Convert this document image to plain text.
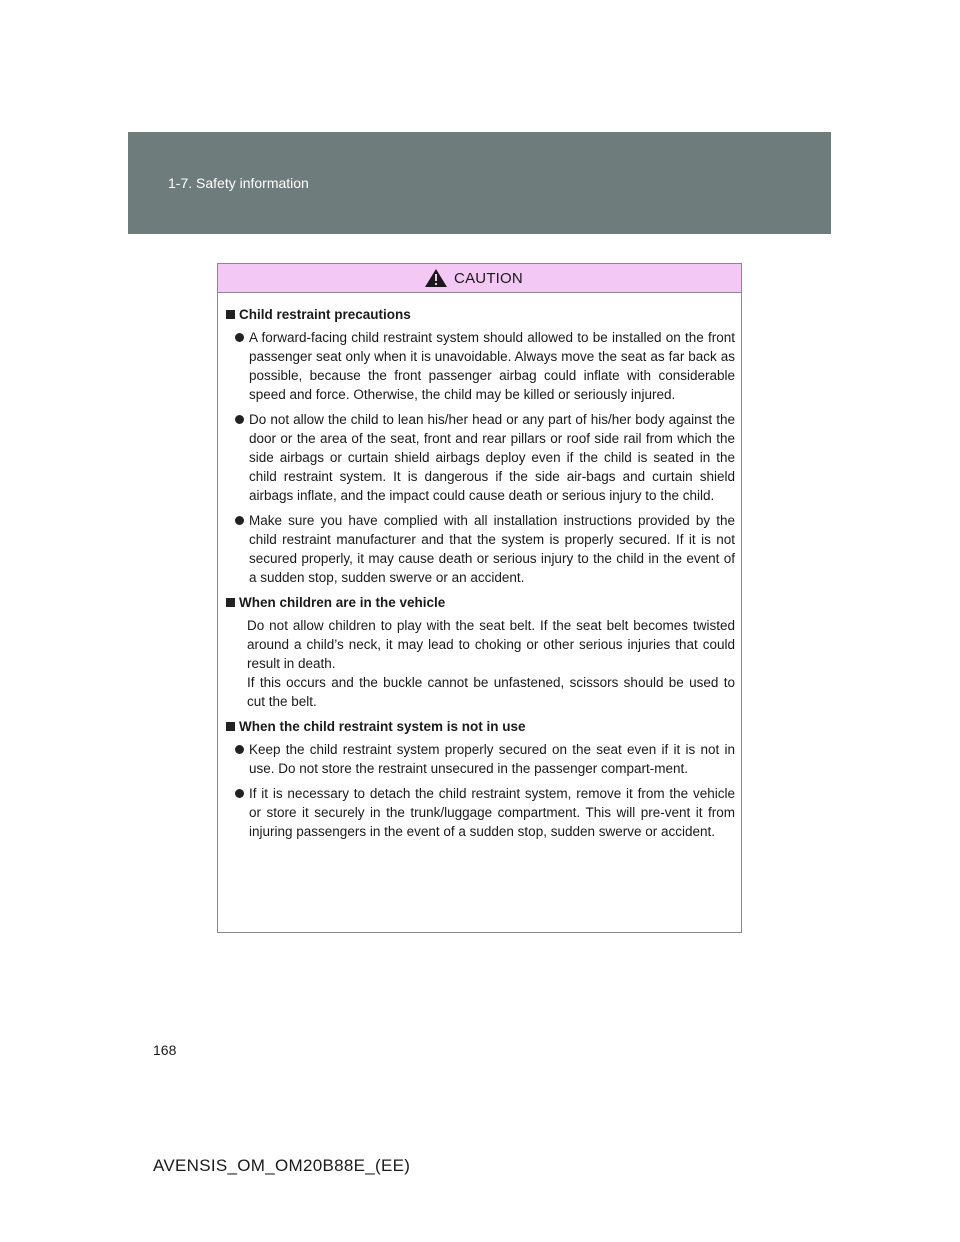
1-7. Safety information
CAUTION
Child restraint precautions
A forward-facing child restraint system should allowed to be installed on the front passenger seat only when it is unavoidable. Always move the seat as far back as possible, because the front passenger airbag could inflate with considerable speed and force. Otherwise, the child may be killed or seriously injured.
Do not allow the child to lean his/her head or any part of his/her body against the door or the area of the seat, front and rear pillars or roof side rail from which the side airbags or curtain shield airbags deploy even if the child is seated in the child restraint system. It is dangerous if the side air-bags and curtain shield airbags inflate, and the impact could cause death or serious injury to the child.
Make sure you have complied with all installation instructions provided by the child restraint manufacturer and that the system is properly secured. If it is not secured properly, it may cause death or serious injury to the child in the event of a sudden stop, sudden swerve or an accident.
When children are in the vehicle
Do not allow children to play with the seat belt. If the seat belt becomes twisted around a child’s neck, it may lead to choking or other serious injuries that could result in death.
If this occurs and the buckle cannot be unfastened, scissors should be used to cut the belt.
When the child restraint system is not in use
Keep the child restraint system properly secured on the seat even if it is not in use. Do not store the restraint unsecured in the passenger compart-ment.
If it is necessary to detach the child restraint system, remove it from the vehicle or store it securely in the trunk/luggage compartment. This will pre-vent it from injuring passengers in the event of a sudden stop, sudden swerve or accident.
168
AVENSIS_OM_OM20B88E_(EE)
